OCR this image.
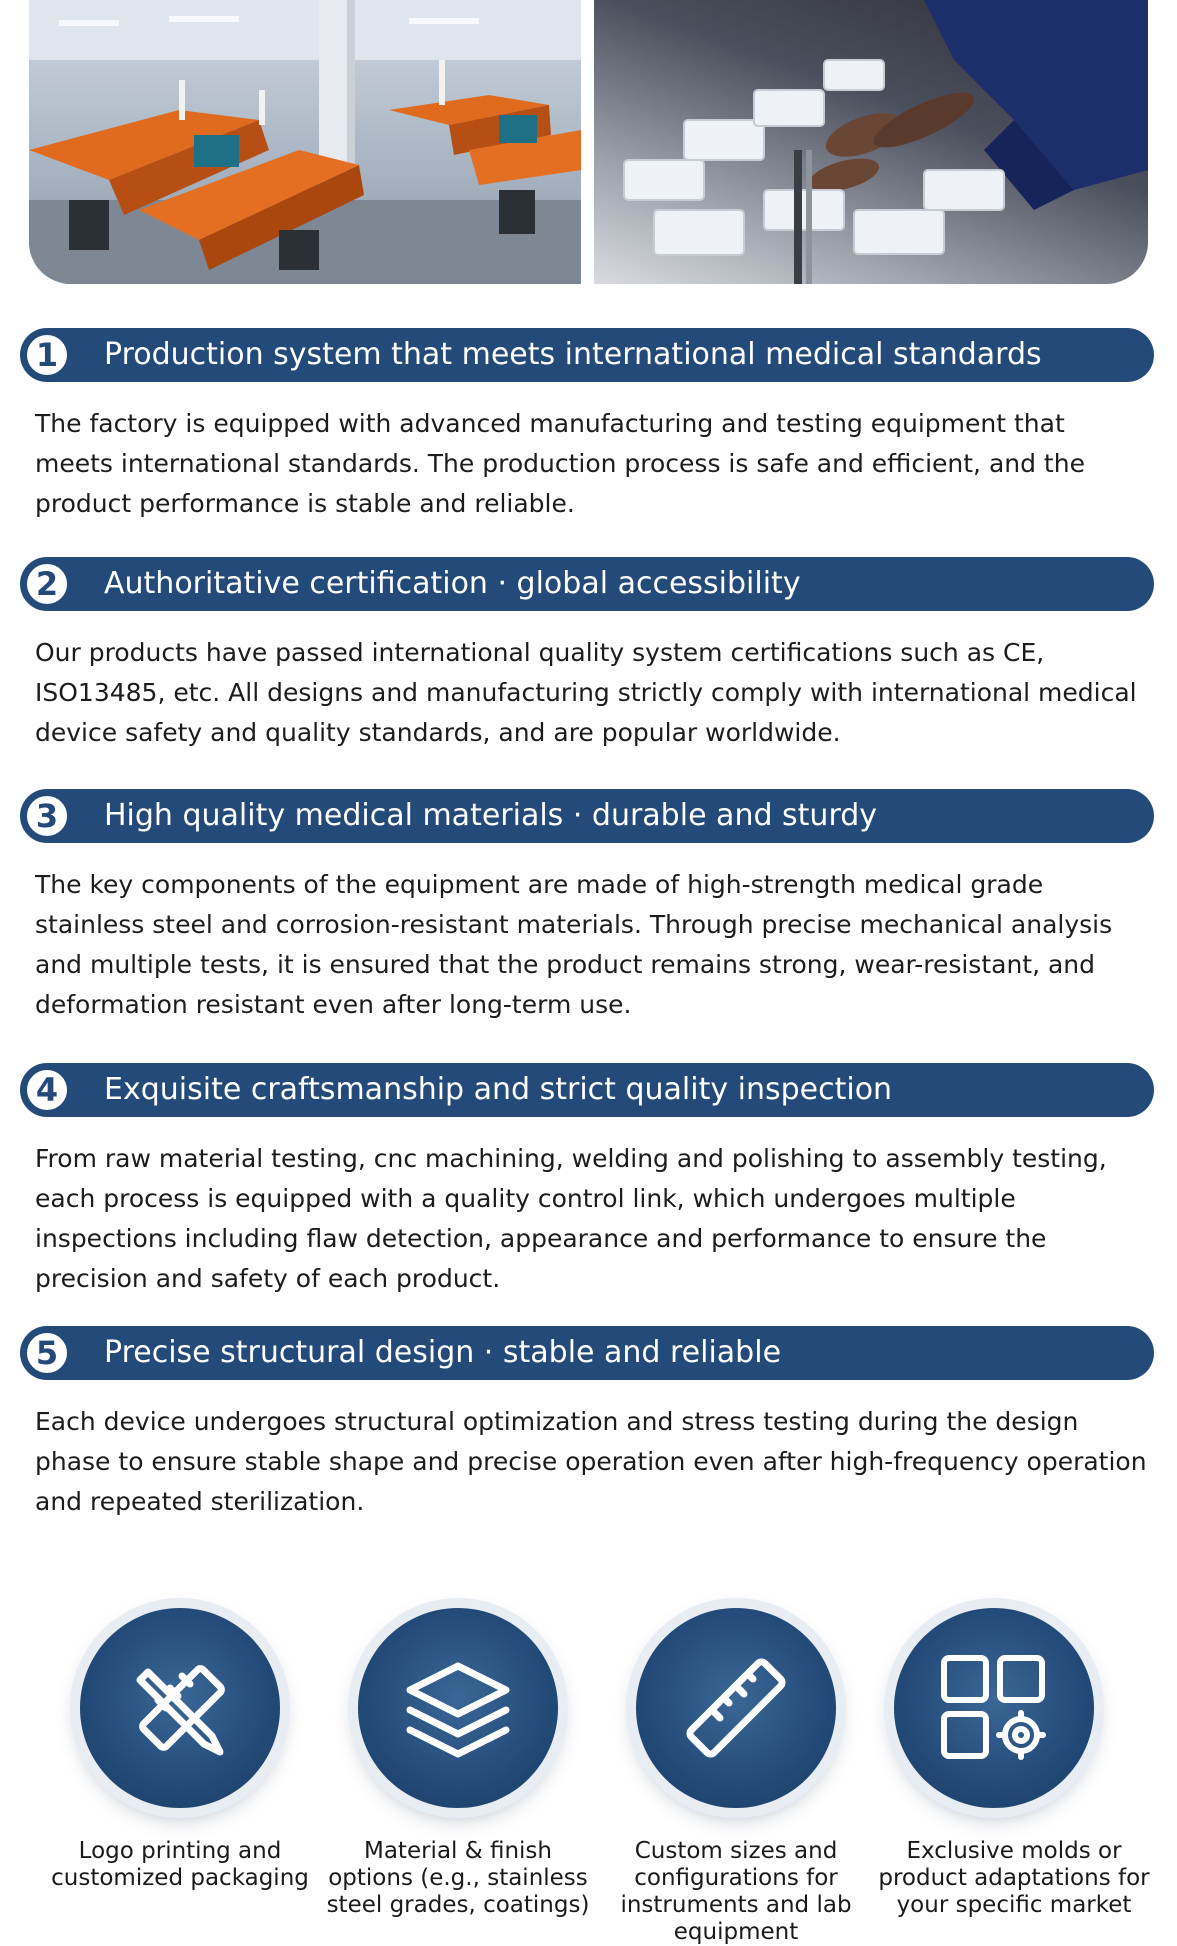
1	Production system that meets international medical standards
The factory is equipped with advanced manufacturing and testing equipment that meets international standards. The production process is safe and efficient, and the product performance is stable and reliable.
2	Authoritative certification · global accessibility
Our products have passed international quality system certifications such as CE, ISO13485, etc. All designs and manufacturing strictly comply with international medical device safety and quality standards, and are popular worldwide.
3	High quality medical materials · durable and sturdy
The key components of the equipment are made of high-strength medical grade stainless steel and corrosion-resistant materials. Through precise mechanical analysis and multiple tests, it is ensured that the product remains strong, wear-resistant, and deformation resistant even after long-term use.
4	Exquisite craftsmanship and strict quality inspection
From raw material testing, cnc machining, welding and polishing to assembly testing, each process is equipped with a quality control link, which undergoes multiple inspections including flaw detection, appearance and performance to ensure the precision and safety of each product.
5	Precise structural design · stable and reliable
Each device undergoes structural optimization and stress testing during the design phase to ensure stable shape and precise operation even after high-frequency operation and repeated sterilization.
Logo printing and customized packaging
Material & finish options (e.g., stainless steel grades, coatings)
Custom sizes and configurations for instruments and lab equipment
Exclusive molds or product adaptations for your specific market
